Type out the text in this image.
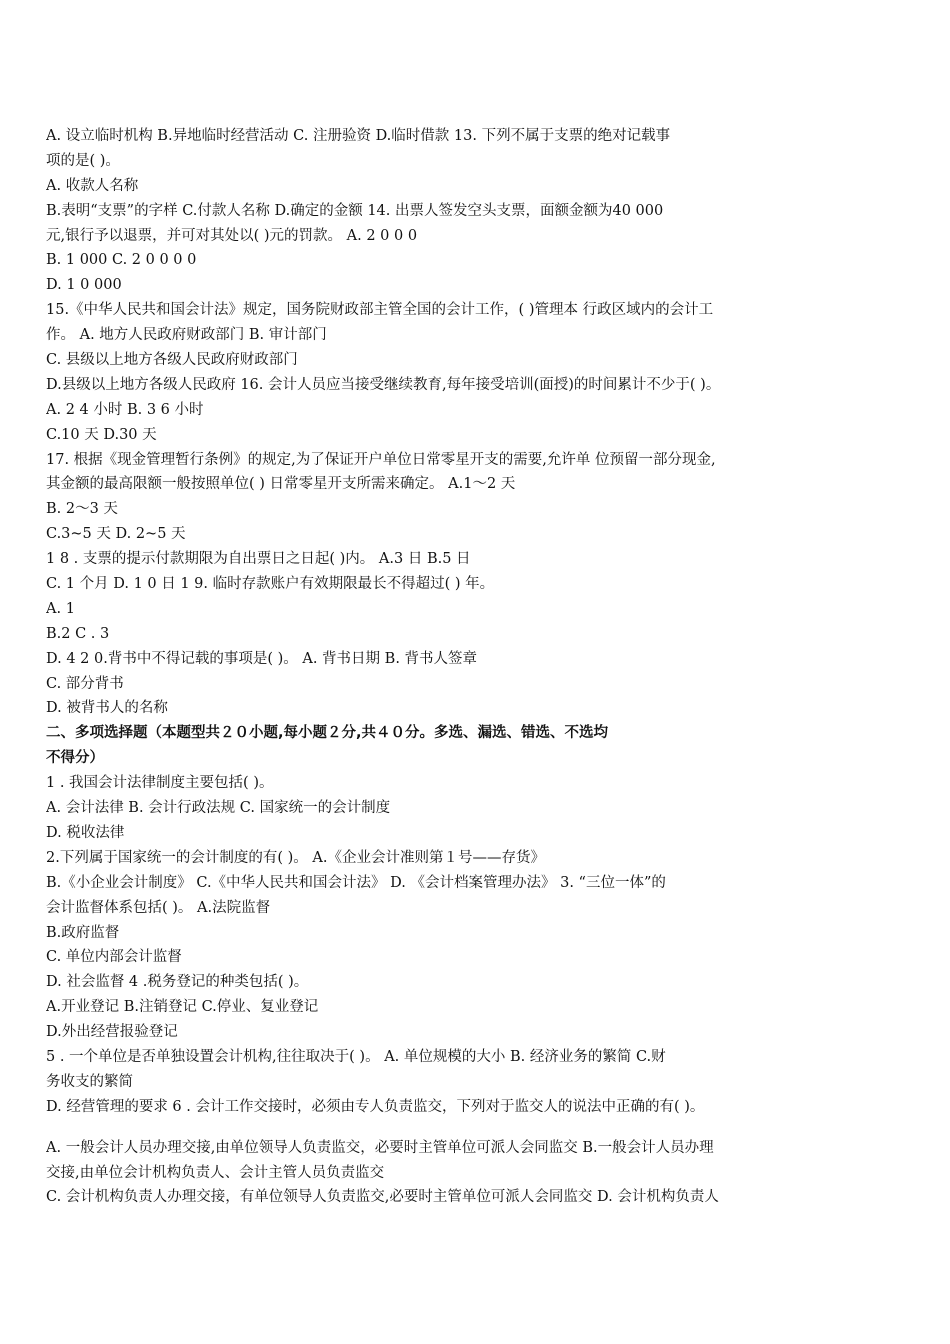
A. 设立临时机构 ﻿B.异地临时经营活动 ﻿C. 注册验资 ﻿D.临时借款 13﻿. 下列不属于支票的绝对记载事
项的是( )。
A. 收款人名称
B.表明“支票”的字样 ﻿C.付款人名称 ﻿D.确定的金额 14﻿. 出票人签发空头支票，面额金额为40 000
元,银行予以退票，并可对其处以( )元的罚款。 ﻿A. 2 0 0 0
B. 1 000 ﻿C. 2 0 0 0 0
D. 1 0 000
15.《中华人民共和国会计法》规定，国务院财政部主管全国的会计工作，( )管理本 ﻿行政区域内的会计工
作。 ﻿A. 地方人民政府财政部门 ﻿B. 审计部门
C. 县级以上地方各级人民政府财政部门
D.县级以上地方各级人民政府 16﻿. 会计人员应当接受继续教育,每年接受培训(面授)的时间累计不少于( )。
﻿A. 2 4 小时 ﻿B. 3 6 小时
C.10 天 ﻿D.30 天
17. 根据《现金管理暂行条例》的规定,为了保证开户单位日常零星开支的需要,允许单 ﻿位预留一部分现金,
其金额的最高限额一般按照单位( ) 日常零星开支所需来确定。 ﻿A.1～2 天
B. 2～3 天
C.3~5 天 ﻿D. 2~5 天
1 8 . 支票的提示付款期限为自出票日之日起( )内。 ﻿A.3 日 ﻿B.5 日
C. 1 个月 ﻿D. 1 0 日 1 9﻿. 临时存款账户有效期限最长不得超过( ) 年。
A. 1
B.2 ﻿C . 3
D. 4 2 0﻿.背书中不得记载的事项是( )。 ﻿A. 背书日期 ﻿B. 背书人签章
C. 部分背书
D. 被背书人的名称
二、多项选择题（本题型共２０小题,每小题２分,共４０分。多选、漏选、错选、不选均
不得分）
1 . 我国会计法律制度主要包括( )。
A. 会计法律 ﻿B. 会计行政法规 ﻿C. 国家统一的会计制度
D. 税收法律
2.下列属于国家统一的会计制度的有( )。 ﻿A.《企业会计准则第１号——存货》
B.《小企业会计制度》 ﻿C.《中华人民共和国会计法》 ﻿D. 《会计档案管理办法》 3﻿. “三位一体”的
会计监督体系包括( )。 ﻿A.法院监督
B.政府监督
C. 单位内部会计监督
D. 社会监督 4 ﻿.税务登记的种类包括( )。
A.开业登记 ﻿B.注销登记 ﻿C.停业、复业登记
D.外出经营报验登记
5 . 一个单位是否单独设置会计机构,往往取决于( )。 ﻿A. 单位规模的大小 ﻿B. 经济业务的繁简 ﻿C.财
务收支的繁简
D. 经营管理的要求 6 ﻿. 会计工作交接时，必须由专人负责监交，下列对于监交人的说法中正确的有( )。
A. 一般会计人员办理交接,由单位领导人负责监交，必要时主管单位可派人会同监交 ﻿B.一般会计人员办理
交接,由单位会计机构负责人、会计主管人员负责监交
C. 会计机构负责人办理交接，有单位领导人负责监交,必要时主管单位可派人会同监交 ﻿D. 会计机构负责人
